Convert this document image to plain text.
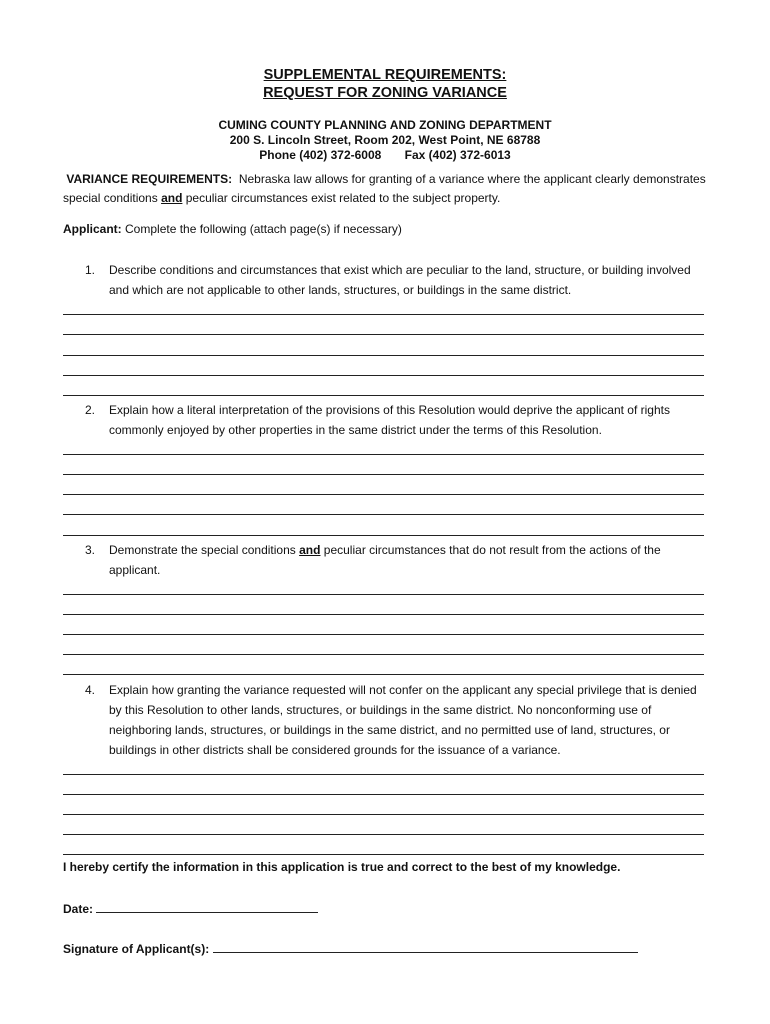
SUPPLEMENTAL REQUIREMENTS:
REQUEST FOR ZONING VARIANCE
CUMING COUNTY PLANNING AND ZONING DEPARTMENT
200 S. Lincoln Street, Room 202, West Point, NE 68788
Phone (402) 372-6008 Fax (402) 372-6013
VARIANCE REQUIREMENTS: Nebraska law allows for granting of a variance where the applicant clearly demonstrates special conditions and peculiar circumstances exist related to the subject property.
Applicant: Complete the following (attach page(s) if necessary)
1.	Describe conditions and circumstances that exist which are peculiar to the land, structure, or building involved and which are not applicable to other lands, structures, or buildings in the same district.
2.	Explain how a literal interpretation of the provisions of this Resolution would deprive the applicant of rights commonly enjoyed by other properties in the same district under the terms of this Resolution.
3.	Demonstrate the special conditions and peculiar circumstances that do not result from the actions of the applicant.
4.	Explain how granting the variance requested will not confer on the applicant any special privilege that is denied by this Resolution to other lands, structures, or buildings in the same district. No nonconforming use of neighboring lands, structures, or buildings in the same district, and no permitted use of land, structures, or buildings in other districts shall be considered grounds for the issuance of a variance.
I hereby certify the information in this application is true and correct to the best of my knowledge.
Date:
Signature of Applicant(s):
